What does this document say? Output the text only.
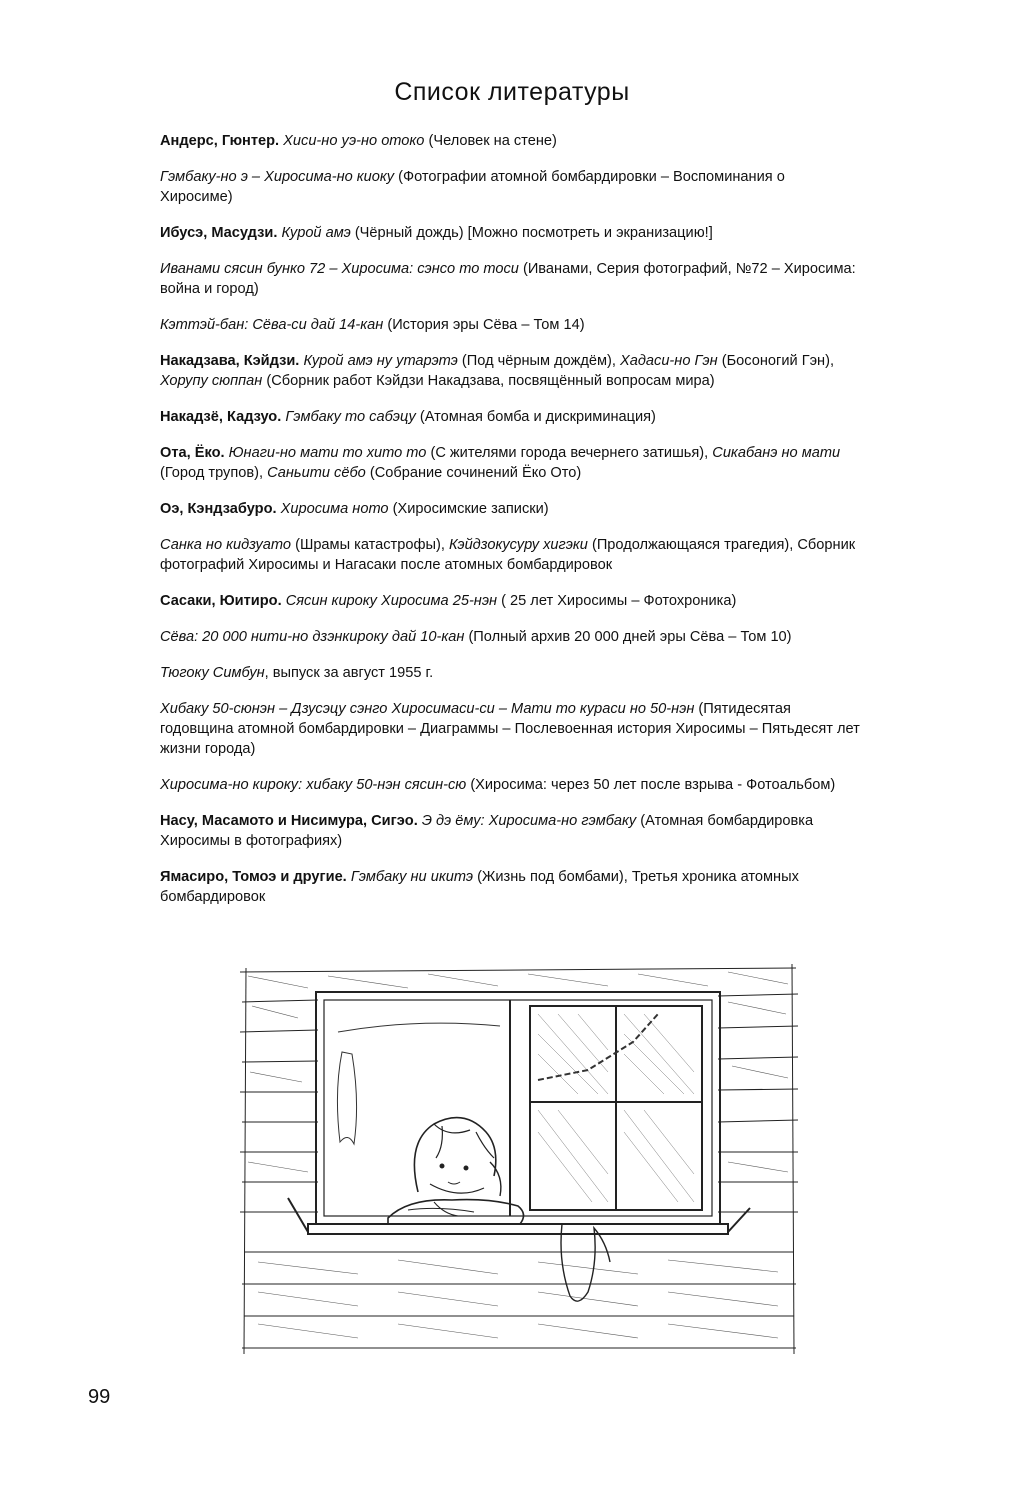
Список литературы

Андерс, Гюнтер. Хиси-но уэ-но отоко (Человек на стене)

Гэмбаку-но э – Хиросима-но киоку (Фотографии атомной бомбардировки – Воспоминания о Хиросиме)

Ибусэ, Масудзи. Курой амэ (Чёрный дождь) [Можно посмотреть и экранизацию!]

Иванами сясин бунко 72 – Хиросима: сэнсо то тоси (Иванами, Серия фотографий, №72 – Хиросима: война и город)

Кэттэй-бан: Сёва-си дай 14-кан (История эры Сёва – Том 14)

Накадзава, Кэйдзи. Курой амэ ну утарэтэ (Под чёрным дождём), Хадаси-но Гэн (Босоногий Гэн), Хорупу сюппан (Сборник работ Кэйдзи Накадзава, посвящённый вопросам мира)

Накадзё, Кадзуо. Гэмбаку то сабэцу (Атомная бомба и дискриминация)

Ота, Ёко. Юнаги-но мати то хито то (С жителями города вечернего затишья), Сикабанэ но мати (Город трупов), Саньити сёбо (Собрание сочинений Ёко Ото)

Оэ, Кэндзабуро. Хиросима ното (Хиросимские записки)

Санка но кидзуато (Шрамы катастрофы), Кэйдзокусуру хигэки (Продолжающаяся трагедия), Сборник фотографий Хиросимы и Нагасаки после атомных бомбардировок

Сасаки, Юитиро. Сясин кироку Хиросима 25-нэн ( 25 лет Хиросимы – Фотохроника)

Сёва: 20 000 нити-но дзэнкироку дай 10-кан (Полный архив 20 000 дней эры Сёва – Том 10)

Тюгоку Симбун, выпуск за август 1955 г.

Хибаку 50-сюнэн – Дзусэцу сэнго Хиросимаси-си – Мати то кураси но 50-нэн (Пятидесятая годовщина атомной бомбардировки – Диаграммы – Послевоенная история Хиросимы – Пятьдесят лет жизни города)

Хиросима-но кироку: хибаку 50-нэн сясин-сю (Хиросима: через 50 лет после взрыва - Фотоальбом)

Насу, Масамото и Нисимура, Сигэо. Э дэ ёму: Хиросима-но гэмбаку (Атомная бомбардировка Хиросимы в фотографиях)

Ямасиро, Томоэ и другие. Гэмбаку ни икитэ (Жизнь под бомбами), Третья хроника атомных бомбардировок

99
